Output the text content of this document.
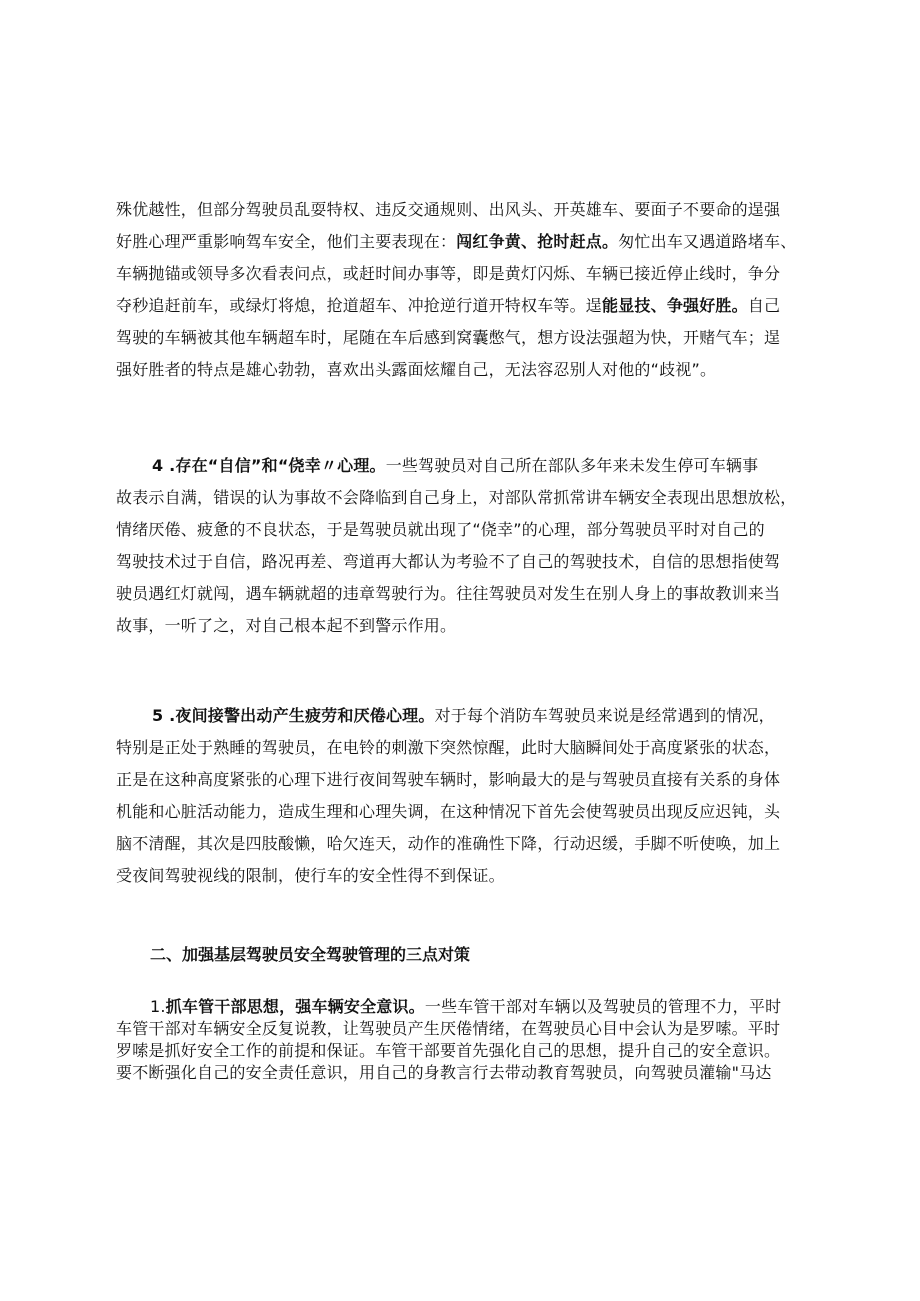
殊优越性，但部分驾驶员乱耍特权、违反交通规则、出风头、开英雄车、要面子不要命的逞强
好胜心理严重影响驾车安全，他们主要表现在：闯红争黄、抢时赶点。匆忙出车又遇道路堵车、
车辆抛锚或领导多次看表问点，或赶时间办事等，即是黄灯闪烁、车辆已接近停止线时，争分
夺秒追赶前车，或绿灯将熄，抢道超车、冲抢逆行道开特权车等。逞能显技、争强好胜。自己
驾驶的车辆被其他车辆超车时，尾随在车后感到窝囊憋气，想方设法强超为快，开赌气车；逞
强好胜者的特点是雄心勃勃，喜欢出头露面炫耀自己，无法容忍别人对他的“歧视”。
4 .存在“自信”和“侥幸〃心理。一些驾驶员对自己所在部队多年来未发生停可车辆事
故表示自满，错误的认为事故不会降临到自己身上，对部队常抓常讲车辆安全表现出思想放松，
情绪厌倦、疲惫的不良状态，于是驾驶员就出现了“侥幸”的心理，部分驾驶员平时对自己的
驾驶技术过于自信，路况再差、弯道再大都认为考验不了自己的驾驶技术，自信的思想指使驾
驶员遇红灯就闯，遇车辆就超的违章驾驶行为。往往驾驶员对发生在别人身上的事故教训来当
故事，一听了之，对自己根本起不到警示作用。
5 .夜间接警出动产生疲劳和厌倦心理。对于每个消防车驾驶员来说是经常遇到的情况，
特别是正处于熟睡的驾驶员，在电铃的刺激下突然惊醒，此时大脑瞬间处于高度紧张的状态，
正是在这种高度紧张的心理下进行夜间驾驶车辆时，影响最大的是与驾驶员直接有关系的身体
机能和心脏活动能力，造成生理和心理失调，在这种情况下首先会使驾驶员出现反应迟钝，头
脑不清醒，其次是四肢酸懒，哈欠连天，动作的准确性下降，行动迟缓，手脚不听使唤，加上
受夜间驾驶视线的限制，使行车的安全性得不到保证。
二、加强基层驾驶员安全驾驶管理的三点对策
1.抓车管干部思想，强车辆安全意识。一些车管干部对车辆以及驾驶员的管理不力，平时
车管干部对车辆安全反复说教，让驾驶员产生厌倦情绪，在驾驶员心目中会认为是罗嗦。平时
罗嗦是抓好安全工作的前提和保证。车管干部要首先强化自己的思想，提升自己的安全意识。
要不断强化自己的安全责任意识，用自己的身教言行去带动教育驾驶员，向驾驶员灌输"马达
